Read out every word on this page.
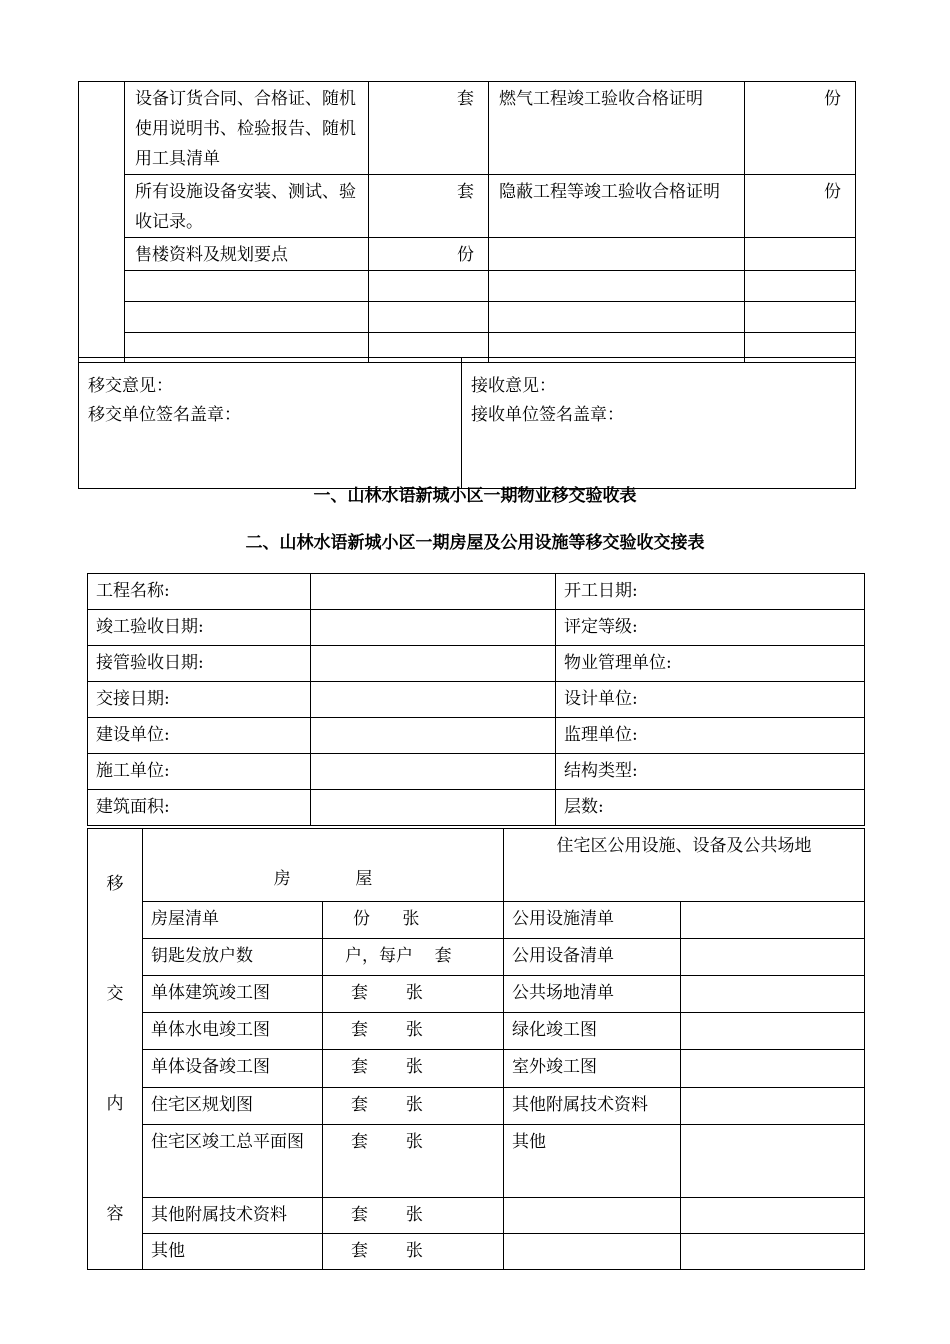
	设备订货合同、合格证、随机使用说明书、检验报告、随机用工具清单	套	燃气工程竣工验收合格证明	份
	所有设施设备安装、测试、验收记录。	套	隐蔽工程等竣工验收合格证明	份
	售楼资料及规划要点	份		

移交意见：
移交单位签名盖章：

接收意见：
接收单位签名盖章：
一、山林水语新城小区一期物业移交验收表
二、山林水语新城小区一期房屋及公用设施等移交验收交接表
工程名称:		开工日期:
竣工验收日期:		评定等级:
接管验收日期:		物业管理单位:
交接日期:		设计单位:
建设单位:		监理单位:
施工单位:		结构类型:
建筑面积:		层数:
移
交
内
容	房            屋		住宅区公用设施、设备及公共场地	
	房屋清单	份      张	公用设施清单	
	钥匙发放户数	户，每户    套	公用设备清单	
	单体建筑竣工图	套       张	公共场地清单	
	单体水电竣工图	套       张	绿化竣工图	
	单体设备竣工图	套       张	室外竣工图	
	住宅区规划图	套       张	其他附属技术资料	
	住宅区竣工总平面图	套       张	其他	
	其他附属技术资料	套       张		
	其他	套       张		
